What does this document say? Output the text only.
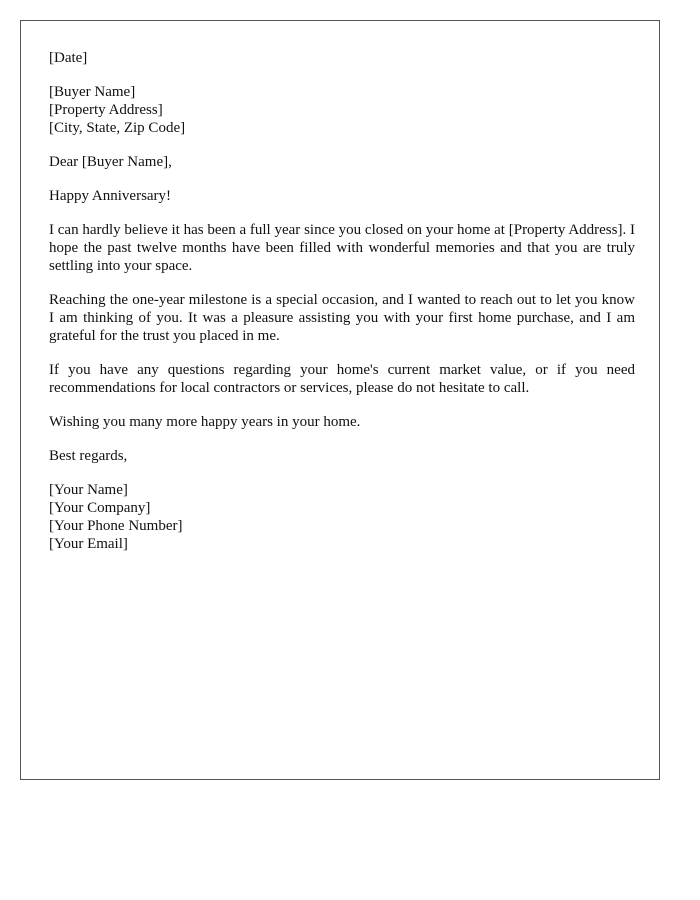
[Date]
[Buyer Name]
[Property Address]
[City, State, Zip Code]
Dear [Buyer Name],
Happy Anniversary!

I can hardly believe it has been a full year since you closed on your home at [Property Address]. I hope the past twelve months have been filled with wonderful memories and that you are truly settling into your space.

Reaching the one-year milestone is a special occasion, and I wanted to reach out to let you know I am thinking of you. It was a pleasure assisting you with your first home purchase, and I am grateful for the trust you placed in me.

If you have any questions regarding your home's current market value, or if you need recommendations for local contractors or services, please do not hesitate to call.

Wishing you many more happy years in your home.

Best regards,
[Your Name]
[Your Company]
[Your Phone Number]
[Your Email]
